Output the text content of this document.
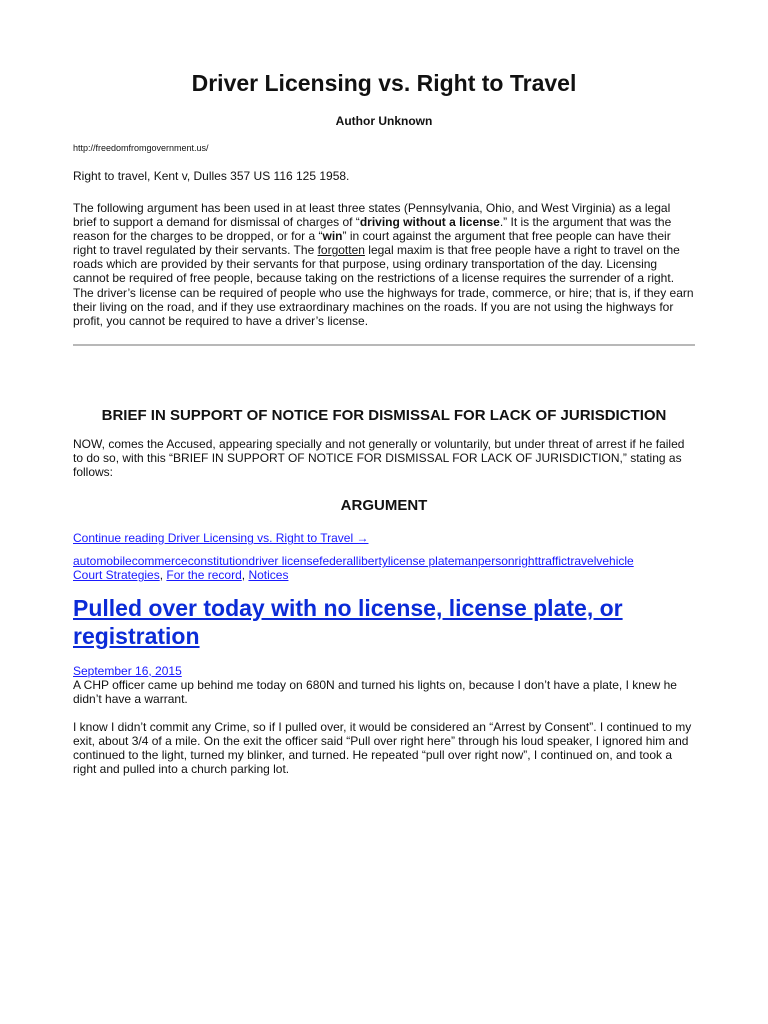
Driver Licensing vs. Right to Travel
Author Unknown
http://freedomfromgovernment.us/
Right to travel, Kent v, Dulles 357 US 116 125 1958.
The following argument has been used in at least three states (Pennsylvania, Ohio, and West Virginia) as a legal brief to support a demand for dismissal of charges of “driving without a license.” It is the argument that was the reason for the charges to be dropped, or for a “win” in court against the argument that free people can have their right to travel regulated by their servants. The forgotten legal maxim is that free people have a right to travel on the roads which are provided by their servants for that purpose, using ordinary transportation of the day. Licensing cannot be required of free people, because taking on the restrictions of a license requires the surrender of a right. The driver’s license can be required of people who use the highways for trade, commerce, or hire; that is, if they earn their living on the road, and if they use extraordinary machines on the roads. If you are not using the highways for profit, you cannot be required to have a driver’s license.
BRIEF IN SUPPORT OF NOTICE FOR DISMISSAL FOR LACK OF JURISDICTION
NOW, comes the Accused, appearing specially and not generally or voluntarily, but under threat of arrest if he failed to do so, with this “BRIEF IN SUPPORT OF NOTICE FOR DISMISSAL FOR LACK OF JURISDICTION,” stating as follows:
ARGUMENT
Continue reading Driver Licensing vs. Right to Travel →
automobilecommerceconstitutiondriver licensefederallibertylicense platemanpersonrighttraffictravelvehicle
Court Strategies, For the record, Notices
Pulled over today with no license, license plate, or registration
September 16, 2015
A CHP officer came up behind me today on 680N and turned his lights on, because I don’t have a plate, I knew he didn’t have a warrant.
I know I didn’t commit any Crime, so if I pulled over, it would be considered an “Arrest by Consent”. I continued to my exit, about 3/4 of a mile. On the exit the officer said “Pull over right here” through his loud speaker, I ignored him and continued to the light, turned my blinker, and turned. He repeated “pull over right now”, I continued on, and took a right and pulled into a church parking lot.
